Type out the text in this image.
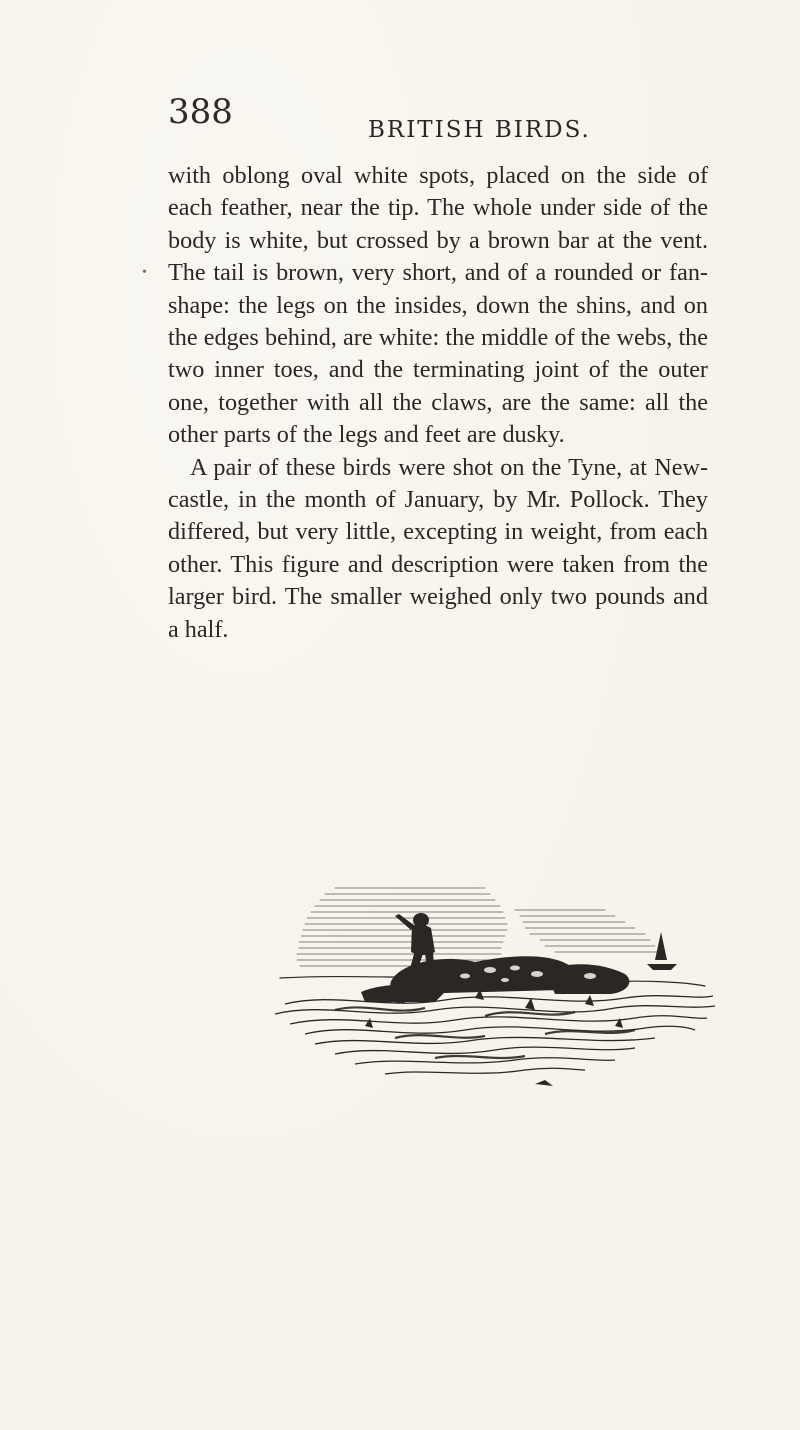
388	BRITISH BIRDS.
•

with oblong oval white spots, placed on the side of each feather, near the tip. The whole under side of the body is white, but crossed by a brown bar at the vent. The tail is brown, very short, and of a rounded or fan-shape: the legs on the insides, down the shins, and on the edges behind, are white: the middle of the webs, the two inner toes, and the terminating joint of the outer one, together with all the claws, are the same: all the other parts of the legs and feet are dusky.

A pair of these birds were shot on the Tyne, at New-castle, in the month of January, by Mr. Pollock. They differed, but very little, excepting in weight, from each other. This figure and description were taken from the larger bird. The smaller weighed only two pounds and a half.
